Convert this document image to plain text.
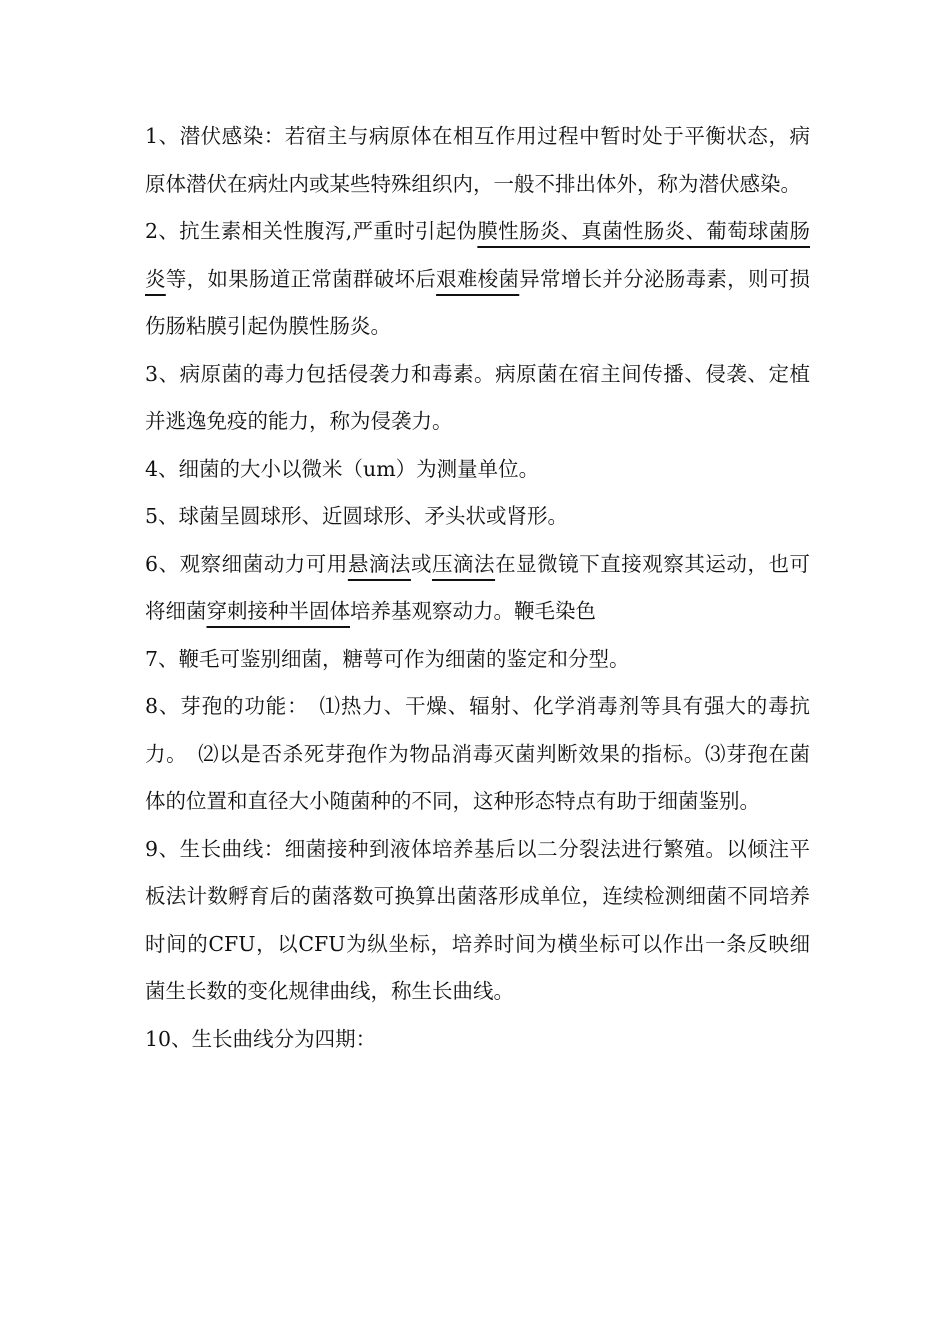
1、潜伏感染：若宿主与病原体在相互作用过程中暂时处于平衡状态，病原体潜伏在病灶内或某些特殊组织内，一般不排出体外，称为潜伏感染。

2、抗生素相关性腹泻,严重时引起伪膜性肠炎、真菌性肠炎、葡萄球菌肠炎等，如果肠道正常菌群破坏后艰难梭菌异常增长并分泌肠毒素，则可损伤肠粘膜引起伪膜性肠炎。

3、病原菌的毒力包括侵袭力和毒素。病原菌在宿主间传播、侵袭、定植并逃逸免疫的能力，称为侵袭力。

4、细菌的大小以微米（um）为测量单位。

5、球菌呈圆球形、近圆球形、矛头状或肾形。

6、观察细菌动力可用悬滴法或压滴法在显微镜下直接观察其运动，也可将细菌穿刺接种半固体培养基观察动力。鞭毛染色

7、鞭毛可鉴别细菌，糖萼可作为细菌的鉴定和分型。

8、芽孢的功能：　⑴热力、干燥、辐射、化学消毒剂等具有强大的毒抗力。　⑵以是否杀死芽孢作为物品消毒灭菌判断效果的指标。⑶芽孢在菌体的位置和直径大小随菌种的不同，这种形态特点有助于细菌鉴别。

9、生长曲线：细菌接种到液体培养基后以二分裂法进行繁殖。以倾注平板法计数孵育后的菌落数可换算出菌落形成单位，连续检测细菌不同培养时间的CFU，以CFU为纵坐标，培养时间为横坐标可以作出一条反映细菌生长数的变化规律曲线，称生长曲线。

10、生长曲线分为四期：
